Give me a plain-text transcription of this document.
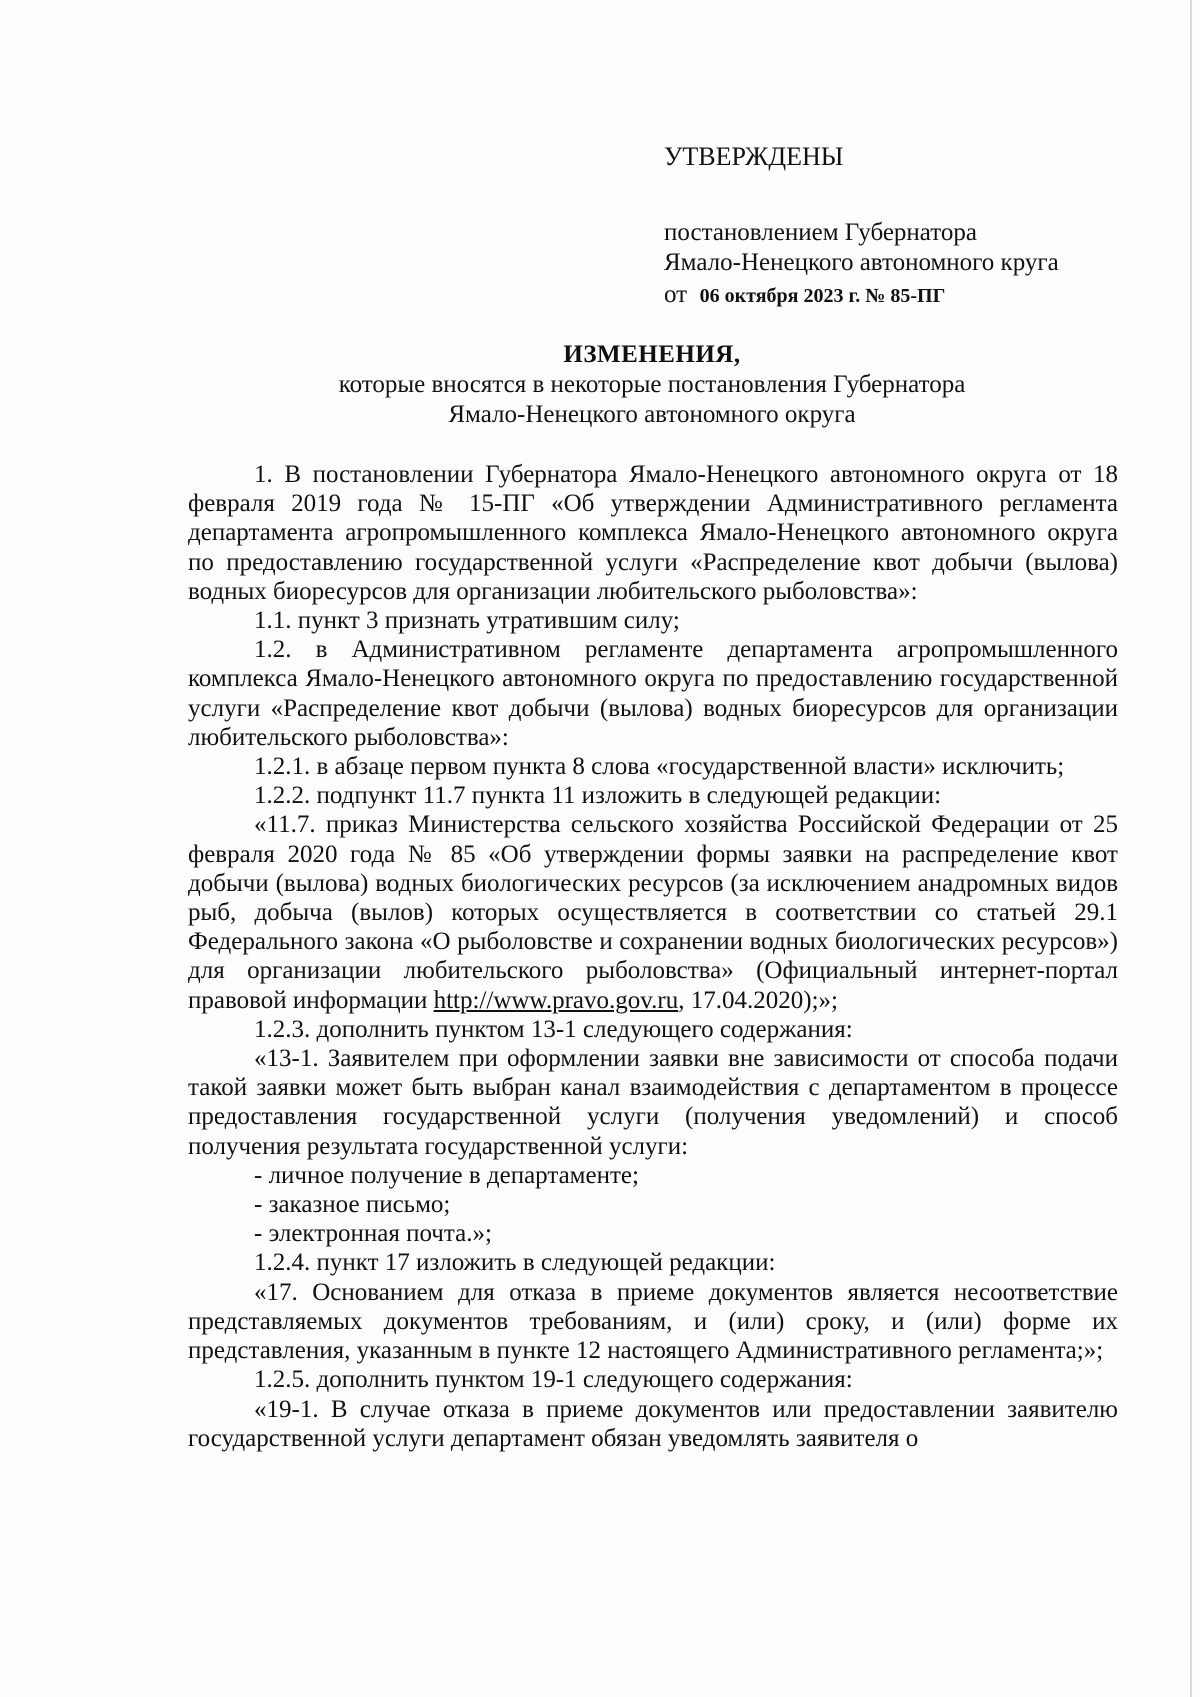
УТВЕРЖДЕНЫ
постановлением Губернатора
Ямало-Ненецкого автономного круга
от 06 октября 2023 г. № 85-ПГ
ИЗМЕНЕНИЯ,
которые вносятся в некоторые постановления Губернатора
Ямало-Ненецкого автономного округа

1. В постановлении Губернатора Ямало-Ненецкого автономного округа от 18 февраля 2019 года № 15-ПГ «Об утверждении Административного регламента департамента агропромышленного комплекса Ямало-Ненецкого автономного округа по предоставлению государственной услуги «Распределение квот добычи (вылова) водных биоресурсов для организации любительского рыболовства»:

1.1. пункт 3 признать утратившим силу;

1.2. в Административном регламенте департамента агропромышленного комплекса Ямало-Ненецкого автономного округа по предоставлению государственной услуги «Распределение квот добычи (вылова) водных биоресурсов для организации любительского рыболовства»:

1.2.1. в абзаце первом пункта 8 слова «государственной власти» исключить;

1.2.2. подпункт 11.7 пункта 11 изложить в следующей редакции:

«11.7. приказ Министерства сельского хозяйства Российской Федерации от 25 февраля 2020 года № 85 «Об утверждении формы заявки на распределение квот добычи (вылова) водных биологических ресурсов (за исключением анадромных видов рыб, добыча (вылов) которых осуществляется в соответствии со статьей 29.1 Федерального закона «О рыболовстве и сохранении водных биологических ресурсов») для организации любительского рыболовства» (Официальный интернет-портал правовой информации http://www.pravo.gov.ru, 17.04.2020);»;

1.2.3. дополнить пунктом 13-1 следующего содержания:

«13-1. Заявителем при оформлении заявки вне зависимости от способа подачи такой заявки может быть выбран канал взаимодействия с департаментом в процессе предоставления государственной услуги (получения уведомлений) и способ получения результата государственной услуги:

- личное получение в департаменте;

- заказное письмо;

- электронная почта.»;

1.2.4. пункт 17 изложить в следующей редакции:

«17. Основанием для отказа в приеме документов является несоответствие представляемых документов требованиям, и (или) сроку, и (или) форме их представления, указанным в пункте 12 настоящего Административного регламента;»;

1.2.5. дополнить пунктом 19-1 следующего содержания:

«19-1. В случае отказа в приеме документов или предоставлении заявителю государственной услуги департамент обязан уведомлять заявителя о
